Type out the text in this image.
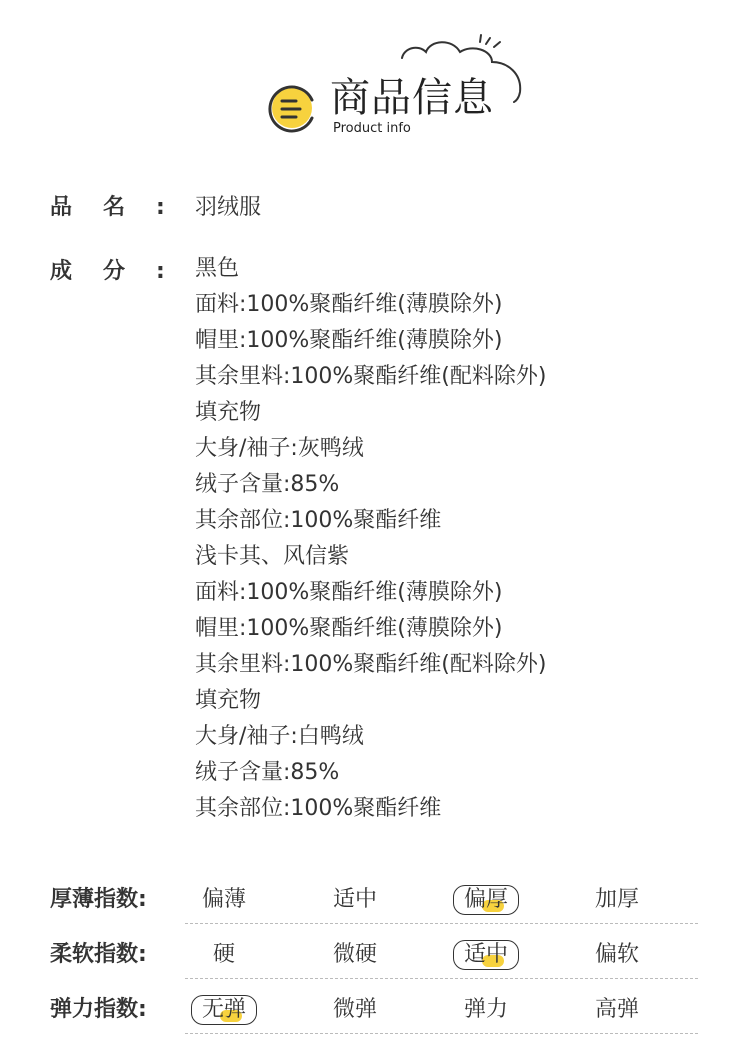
商品信息
Product info
品名: 羽绒服
成分: 黑色
面料:100%聚酯纤维(薄膜除外)
帽里:100%聚酯纤维(薄膜除外)
其余里料:100%聚酯纤维(配料除外)
填充物
大身/袖子:灰鸭绒
绒子含量:85%
其余部位:100%聚酯纤维
浅卡其、风信紫
面料:100%聚酯纤维(薄膜除外)
帽里:100%聚酯纤维(薄膜除外)
其余里料:100%聚酯纤维(配料除外)
填充物
大身/袖子:白鸭绒
绒子含量:85%
其余部位:100%聚酯纤维
厚薄指数:	偏薄	适中	偏厚	加厚
柔软指数:	硬	微硬	适中	偏软
弹力指数:	无弹	微弹	弹力	高弹
